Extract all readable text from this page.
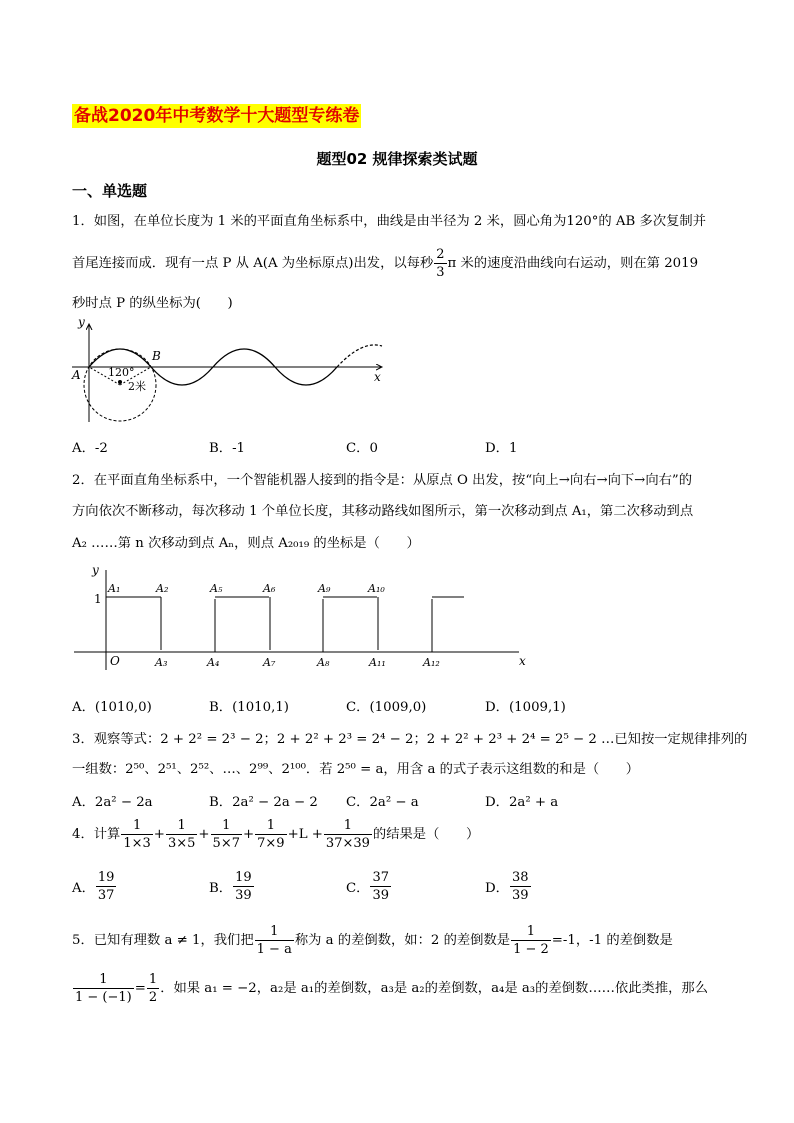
备战2020年中考数学十大题型专练卷
题型02 规律探索类试题
一、单选题
1．如图，在单位长度为 1 米的平面直角坐标系中，曲线是由半径为 2 米，圆心角为120°的 AB 多次复制并
首尾连接而成．现有一点 P 从 A(A 为坐标原点)出发，以每秒 $\frac{2}{3}$ π 米的速度沿曲线向右运动，则在第 2019
秒时点 P 的纵坐标为(　　)
y
x
A
B
120°
2米
A．-2	B．-1	C．0	D．1
2．在平面直角坐标系中，一个智能机器人接到的指令是：从原点 O 出发，按“向上→向右→向下→向右”的
方向依次不断移动，每次移动 1 个单位长度，其移动路线如图所示，第一次移动到点 A₁，第二次移动到点
A₂ ……第 n 次移动到点 Aₙ，则点 A₂₀₁₉ 的坐标是（　　）
y
x
1
O
A₁	A₂	A₅	A₆	A₉	A₁₀
A₃	A₄	A₇	A₈	A₁₁	A₁₂
A．(1010,0)	B．(1010,1)	C．(1009,0)	D．(1009,1)
3．观察等式：2 + 2² = 2³ − 2；2 + 2² + 2³ = 2⁴ − 2；2 + 2² + 2³ + 2⁴ = 2⁵ − 2 …已知按一定规律排列的
一组数：2⁵⁰、2⁵¹、2⁵²、…、2⁹⁹、2¹⁰⁰．若 2⁵⁰ = a，用含 a 的式子表示这组数的和是（　　）
A．2a² − 2a	B．2a² − 2a − 2 C．2a² − a	D．2a² + a
4．计算 $\frac{1}{1\times 3} + \frac{1}{3\times 5} + \frac{1}{5\times 7} + \frac{1}{7\times 9} +L + \frac{1}{37\times 39}$ 的结果是（　　）
A． $\frac{19}{37}$	B． $\frac{19}{39}$	C． $\frac{37}{39}$	D． $\frac{38}{39}$
5．已知有理数 a ≠ 1，我们把 $\frac{1}{1 - a}$ 称为 a 的差倒数，如：2 的差倒数是 $\frac{1}{1 - 2} =-1$，-1 的差倒数是
$\frac{1}{1 - (-1)} = \frac{1}{2}$ ．如果 a₁ = −2，a₂是 a₁的差倒数，a₃是 a₂的差倒数，a₄是 a₃的差倒数……依此类推，那么
